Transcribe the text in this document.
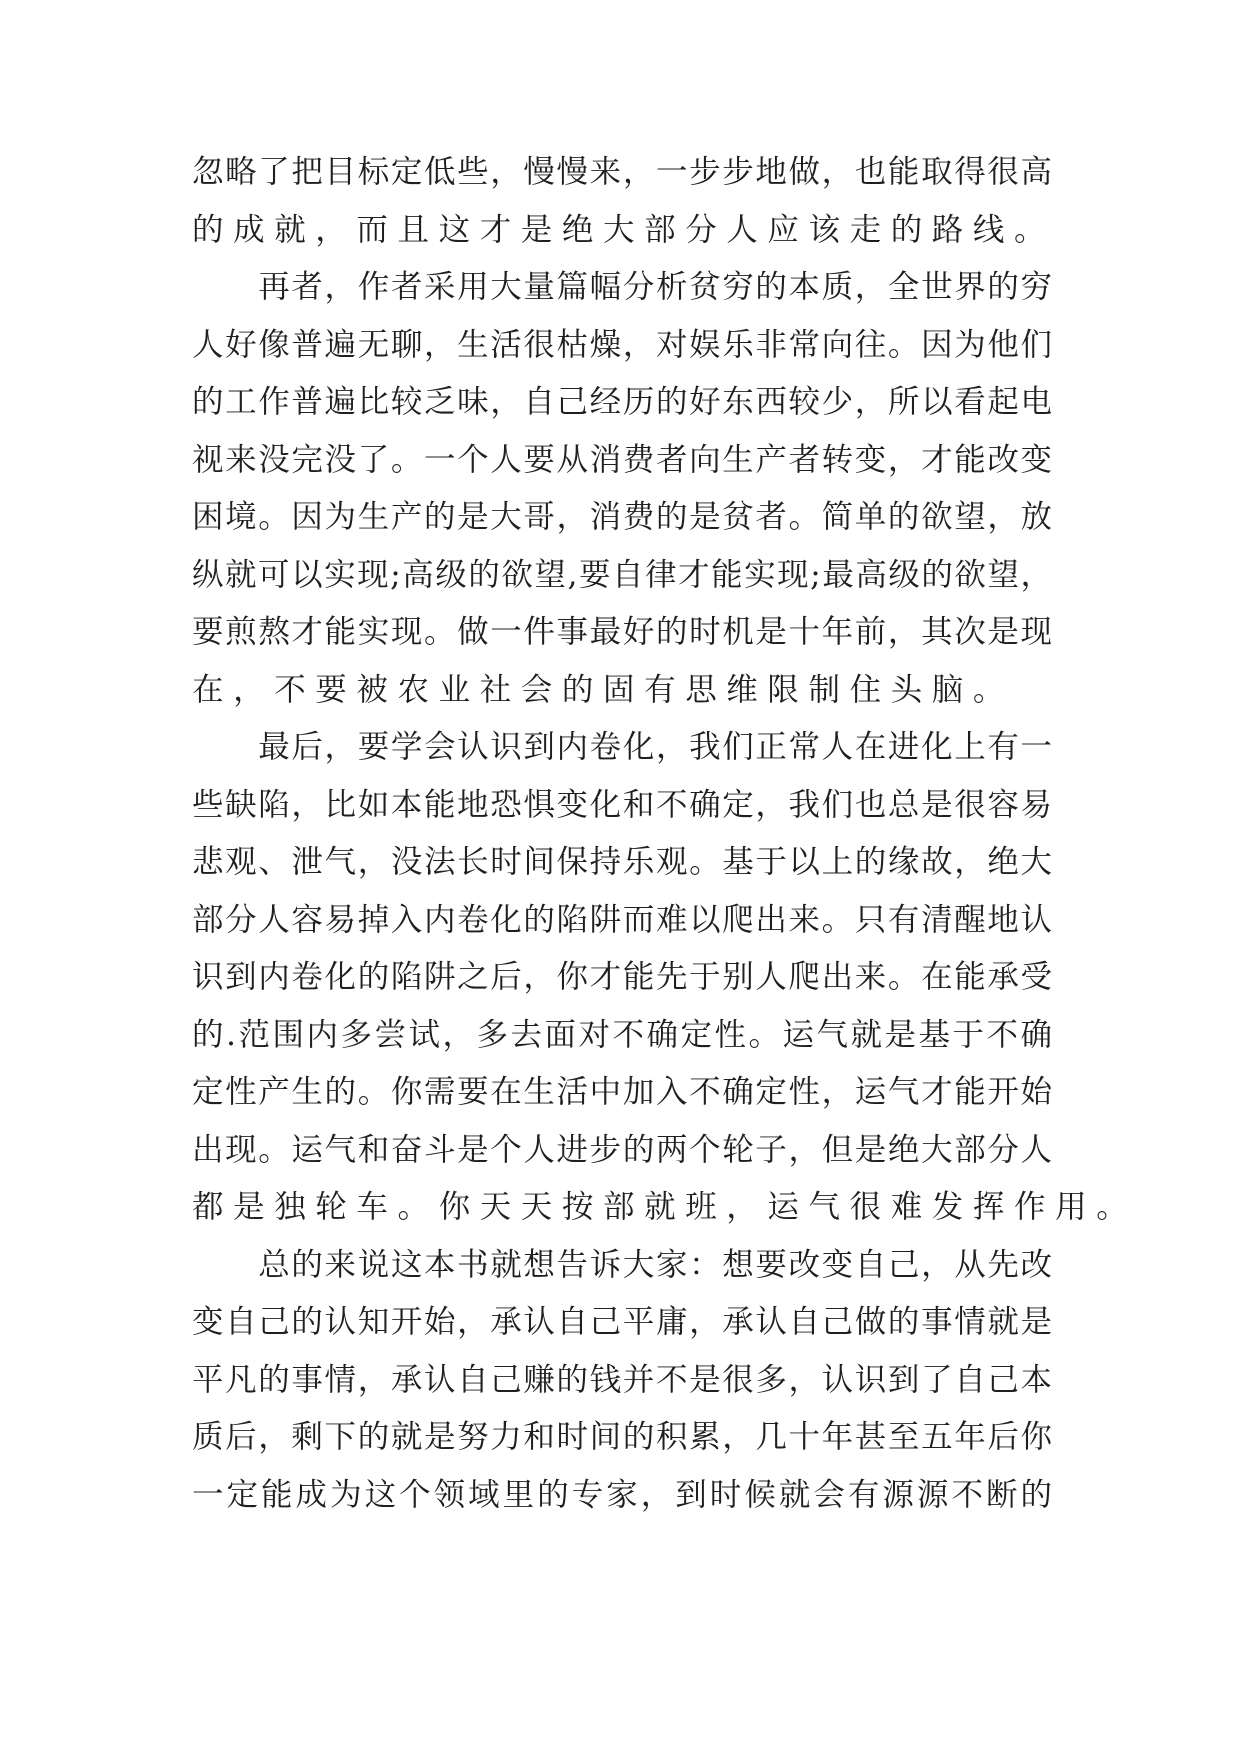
忽略了把目标定低些，慢慢来，一步步地做，也能取得很高
的成就，而且这才是绝大部分人应该走的路线。
　　再者，作者采用大量篇幅分析贫穷的本质，全世界的穷
人好像普遍无聊，生活很枯燥，对娱乐非常向往。因为他们
的工作普遍比较乏味，自己经历的好东西较少，所以看起电
视来没完没了。一个人要从消费者向生产者转变，才能改变
困境。因为生产的是大哥，消费的是贫者。简单的欲望，放
纵就可以实现;高级的欲望,要自律才能实现;最高级的欲望，
要煎熬才能实现。做一件事最好的时机是十年前，其次是现
在，不要被农业社会的固有思维限制住头脑。
　　最后，要学会认识到内卷化，我们正常人在进化上有一
些缺陷，比如本能地恐惧变化和不确定，我们也总是很容易
悲观、泄气，没法长时间保持乐观。基于以上的缘故，绝大
部分人容易掉入内卷化的陷阱而难以爬出来。只有清醒地认
识到内卷化的陷阱之后，你才能先于别人爬出来。在能承受
的.范围内多尝试，多去面对不确定性。运气就是基于不确
定性产生的。你需要在生活中加入不确定性，运气才能开始
出现。运气和奋斗是个人进步的两个轮子，但是绝大部分人
都是独轮车。你天天按部就班，运气很难发挥作用。
　　总的来说这本书就想告诉大家：想要改变自己，从先改
变自己的认知开始，承认自己平庸，承认自己做的事情就是
平凡的事情，承认自己赚的钱并不是很多，认识到了自己本
质后，剩下的就是努力和时间的积累，几十年甚至五年后你
一定能成为这个领域里的专家，到时候就会有源源不断的
